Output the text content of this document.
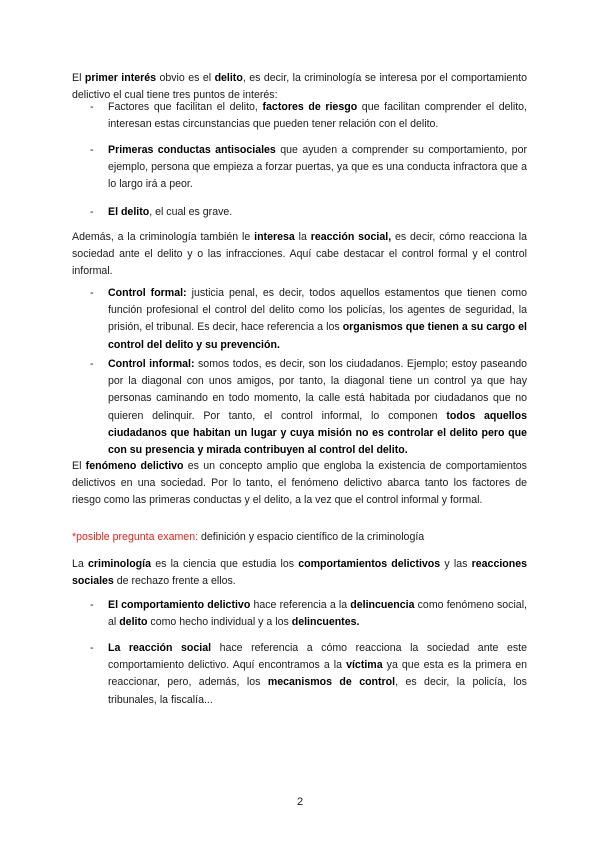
El primer interés obvio es el delito, es decir, la criminología se interesa por el comportamiento delictivo el cual tiene tres puntos de interés:

- Factores que facilitan el delito, factores de riesgo que facilitan comprender el delito, interesan estas circunstancias que pueden tener relación con el delito.

- Primeras conductas antisociales que ayuden a comprender su comportamiento, por ejemplo, persona que empieza a forzar puertas, ya que es una conducta infractora que a lo largo irá a peor.

- El delito, el cual es grave.

Además, a la criminología también le interesa la reacción social, es decir, cómo reacciona la sociedad ante el delito y o las infracciones. Aquí cabe destacar el control formal y el control informal.

- Control formal: justicia penal, es decir, todos aquellos estamentos que tienen como función profesional el control del delito como los policías, los agentes de seguridad, la prisión, el tribunal. Es decir, hace referencia a los organismos que tienen a su cargo el control del delito y su prevención.

- Control informal: somos todos, es decir, son los ciudadanos. Ejemplo; estoy paseando por la diagonal con unos amigos, por tanto, la diagonal tiene un control ya que hay personas caminando en todo momento, la calle está habitada por ciudadanos que no quieren delinquir. Por tanto, el control informal, lo componen todos aquellos ciudadanos que habitan un lugar y cuya misión no es controlar el delito pero que con su presencia y mirada contribuyen al control del delito.

El fenómeno delictivo es un concepto amplio que engloba la existencia de comportamientos delictivos en una sociedad. Por lo tanto, el fenómeno delictivo abarca tanto los factores de riesgo como las primeras conductas y el delito, a la vez que el control informal y formal.

*posible pregunta examen: definición y espacio científico de la criminología

La criminología es la ciencia que estudia los comportamientos delictivos y las reacciones sociales de rechazo frente a ellos.

- El comportamiento delictivo hace referencia a la delincuencia como fenómeno social, al delito como hecho individual y a los delincuentes.

- La reacción social hace referencia a cómo reacciona la sociedad ante este comportamiento delictivo. Aquí encontramos a la víctima ya que esta es la primera en reaccionar, pero, además, los mecanismos de control, es decir, la policía, los tribunales, la fiscalía...

2
